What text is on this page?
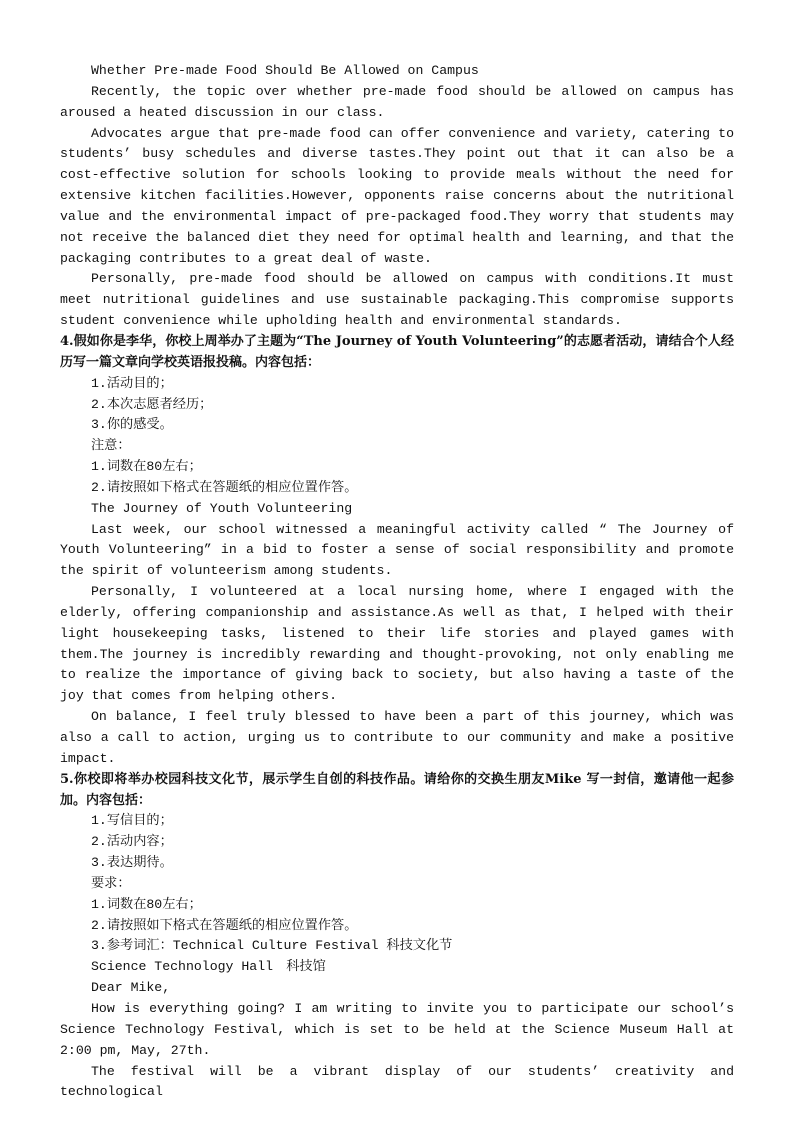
Whether Pre-made Food Should Be Allowed on Campus

Recently, the topic over whether pre-made food should be allowed on campus has aroused a heated discussion in our class.

Advocates argue that pre-made food can offer convenience and variety, catering to students’ busy schedules and diverse tastes.They point out that it can also be a cost-effective solution for schools looking to provide meals without the need for extensive kitchen facilities.However, opponents raise concerns about the nutritional value and the environmental impact of pre-packaged food.They worry that students may not receive the balanced diet they need for optimal health and learning, and that the packaging contributes to a great deal of waste.

Personally, pre-made food should be allowed on campus with conditions.It must meet nutritional guidelines and use sustainable packaging.This compromise supports student convenience while upholding health and environmental standards.

4.假如你是李华，你校上周举办了主题为“The Journey of Youth Volunteering”的志愿者活动，请结合个人经历写一篇文章向学校英语报投稿。内容包括：

1.活动目的；

2.本次志愿者经历；

3.你的感受。

注意：

1.词数在80左右；

2.请按照如下格式在答题纸的相应位置作答。

The Journey of Youth Volunteering

Last week, our school witnessed a meaningful activity called “ The Journey of Youth Volunteering” in a bid to foster a sense of social responsibility and promote the spirit of volunteerism among students.

Personally, I volunteered at a local nursing home, where I engaged with the elderly, offering companionship and assistance.As well as that, I helped with their light housekeeping tasks, listened to their life stories and played games with them.The journey is incredibly rewarding and thought-provoking, not only enabling me to realize the importance of giving back to society, but also having a taste of the joy that comes from helping others.

On balance, I feel truly blessed to have been a part of this journey, which was also a call to action, urging us to contribute to our community and make a positive impact.

5.你校即将举办校园科技文化节，展示学生自创的科技作品。请给你的交换生朋友Mike 写一封信，邀请他一起参加。内容包括：

1.写信目的；

2.活动内容；

3.表达期待。

要求：

1.词数在80左右；

2.请按照如下格式在答题纸的相应位置作答。

3.参考词汇：Technical Culture Festival 科技文化节

Science Technology Hall　科技馆

Dear Mike,

How is everything going? I am writing to invite you to participate our school’s Science Technology Festival, which is set to be held at the Science Museum Hall at 2:00 pm, May, 27th.

The festival will be a vibrant display of our students’ creativity and technological
